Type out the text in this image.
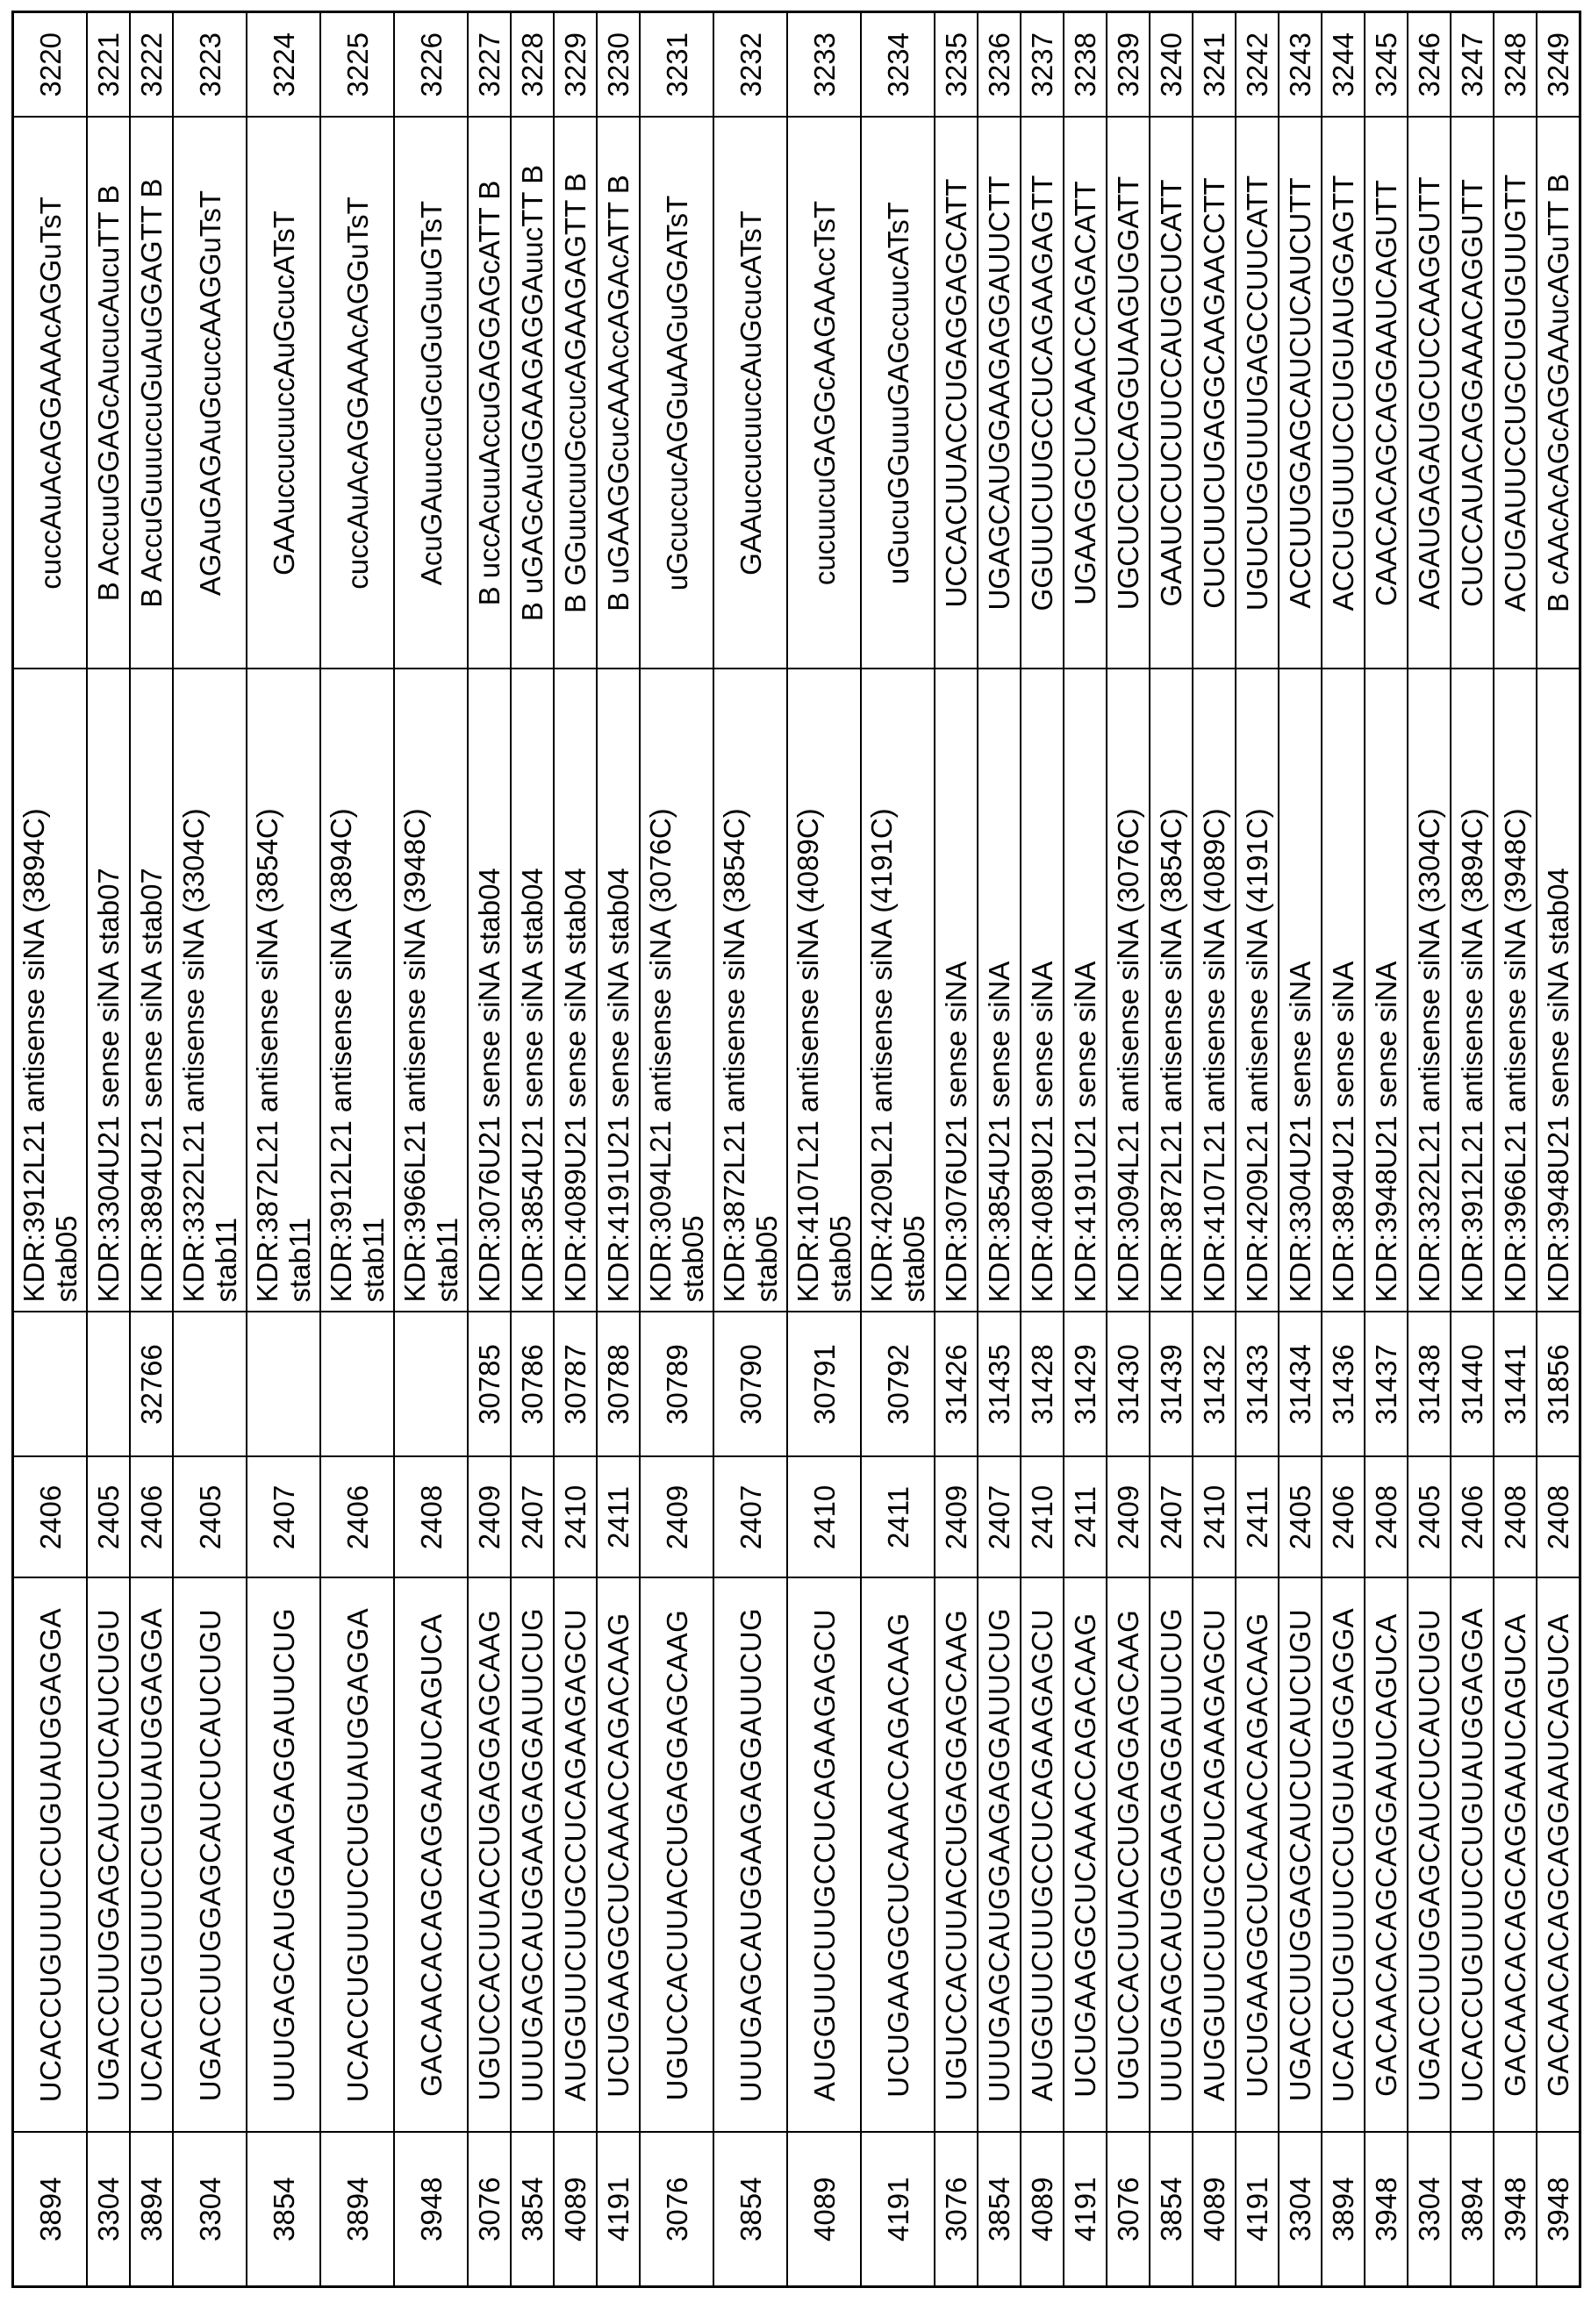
3894	UCACCUGUUUCCUGUAUGGAGGA	2406		KDR:3912L21 antisense siNA (3894C) stab05	cuccAuAcAGGAAAcAGGuTsT	3220
3304	UGACCUUGGAGCAUCUCAUCUGU	2405		KDR:3304U21 sense siNA stab07	B AccuuGGAGcAucucAucuTT B	3221
3894	UCACCUGUUUCCUGUAUGGAGGA	2406	32766	KDR:3894U21 sense siNA stab07	B AccuGuuuccuGuAuGGAGTT B	3222
3304	UGACCUUGGAGCAUCUCAUCUGU	2405		KDR:3322L21 antisense siNA (3304C) stab11	AGAuGAGAuGcuccAAGGuTsT	3223
3854	UUUGAGCAUGGAAGAGGAUUCUG	2407		KDR:3872L21 antisense siNA (3854C) stab11	GAAuccucuuccAuGcucATsT	3224
3894	UCACCUGUUUCCUGUAUGGAGGA	2406		KDR:3912L21 antisense siNA (3894C) stab11	cuccAuAcAGGAAAcAGGuTsT	3225
3948	GACAACACAGCAGGAAUCAGUCA	2408		KDR:3966L21 antisense siNA (3948C) stab11	AcuGAuuccuGcuGuGuuGTsT	3226
3076	UGUCCACUUACCUGAGGAGCAAG	2409	30785	KDR:3076U21 sense siNA stab04	B uccAcuuAccuGAGGAGcATT B	3227
3854	UUUGAGCAUGGAAGAGGAUUCUG	2407	30786	KDR:3854U21 sense siNA stab04	B uGAGcAuGGAAGAGGAuucTT B	3228
4089	AUGGUUCUUGCCUCAGAAGAGCU	2410	30787	KDR:4089U21 sense siNA stab04	B GGuucuuGccucAGAAGAGTT B	3229
4191	UCUGAAGGCUCAAACCAGACAAG	2411	30788	KDR:4191U21 sense siNA stab04	B uGAAGGcucAAAccAGAcATT B	3230
3076	UGUCCACUUACCUGAGGAGCAAG	2409	30789	KDR:3094L21 antisense siNA (3076C) stab05	uGcuccucAGGuAAGuGGATsT	3231
3854	UUUGAGCAUGGAAGAGGAUUCUG	2407	30790	KDR:3872L21 antisense siNA (3854C) stab05	GAAuccucuuccAuGcucATsT	3232
4089	AUGGUUCUUGCCUCAGAAGAGCU	2410	30791	KDR:4107L21 antisense siNA (4089C) stab05	cucuucuGAGGcAAGAAccTsT	3233
4191	UCUGAAGGCUCAAACCAGACAAG	2411	30792	KDR:4209L21 antisense siNA (4191C) stab05	uGucuGGuuuGAGccuucATsT	3234
3076	UGUCCACUUACCUGAGGAGCAAG	2409	31426	KDR:3076U21 sense siNA	UCCACUUACCUGAGGAGCATT	3235
3854	UUUGAGCAUGGAAGAGGAUUCUG	2407	31435	KDR:3854U21 sense siNA	UGAGCAUGGAAGAGGAUUCTT	3236
4089	AUGGUUCUUGCCUCAGAAGAGCU	2410	31428	KDR:4089U21 sense siNA	GGUUCUUGCCUCAGAAGAGTT	3237
4191	UCUGAAGGCUCAAACCAGACAAG	2411	31429	KDR:4191U21 sense siNA	UGAAGGCUCAAACCAGACATT	3238
3076	UGUCCACUUACCUGAGGAGCAAG	2409	31430	KDR:3094L21 antisense siNA (3076C)	UGCUCCUCAGGUAAGUGGATT	3239
3854	UUUGAGCAUGGAAGAGGAUUCUG	2407	31439	KDR:3872L21 antisense siNA (3854C)	GAAUCCUCUUCCAUGCUCATT	3240
4089	AUGGUUCUUGCCUCAGAAGAGCU	2410	31432	KDR:4107L21 antisense siNA (4089C)	CUCUUCUGAGGCAAGAACCTT	3241
4191	UCUGAAGGCUCAAACCAGACAAG	2411	31433	KDR:4209L21 antisense siNA (4191C)	UGUCUGGUUUGAGCCUUCATT	3242
3304	UGACCUUGGAGCAUCUCAUCUGU	2405	31434	KDR:3304U21 sense siNA	ACCUUGGAGCAUCUCAUCUTT	3243
3894	UCACCUGUUUCCUGUAUGGAGGA	2406	31436	KDR:3894U21 sense siNA	ACCUGUUUCCUGUAUGGAGTT	3244
3948	GACAACACAGCAGGAAUCAGUCA	2408	31437	KDR:3948U21 sense siNA	CAACACAGCAGGAAUCAGUTT	3245
3304	UGACCUUGGAGCAUCUCAUCUGU	2405	31438	KDR:3322L21 antisense siNA (3304C)	AGAUGAGAUGCUCCAAGGUTT	3246
3894	UCACCUGUUUCCUGUAUGGAGGA	2406	31440	KDR:3912L21 antisense siNA (3894C)	CUCCAUACAGGAAACAGGUTT	3247
3948	GACAACACAGCAGGAAUCAGUCA	2408	31441	KDR:3966L21 antisense siNA (3948C)	ACUGAUUCCUGCUGUGUUGTT	3248
3948	GACAACACAGCAGGAAUCAGUCA	2408	31856	KDR:3948U21 sense siNA stab04	B cAAcAcAGcAGGAAucAGuTT B	3249
